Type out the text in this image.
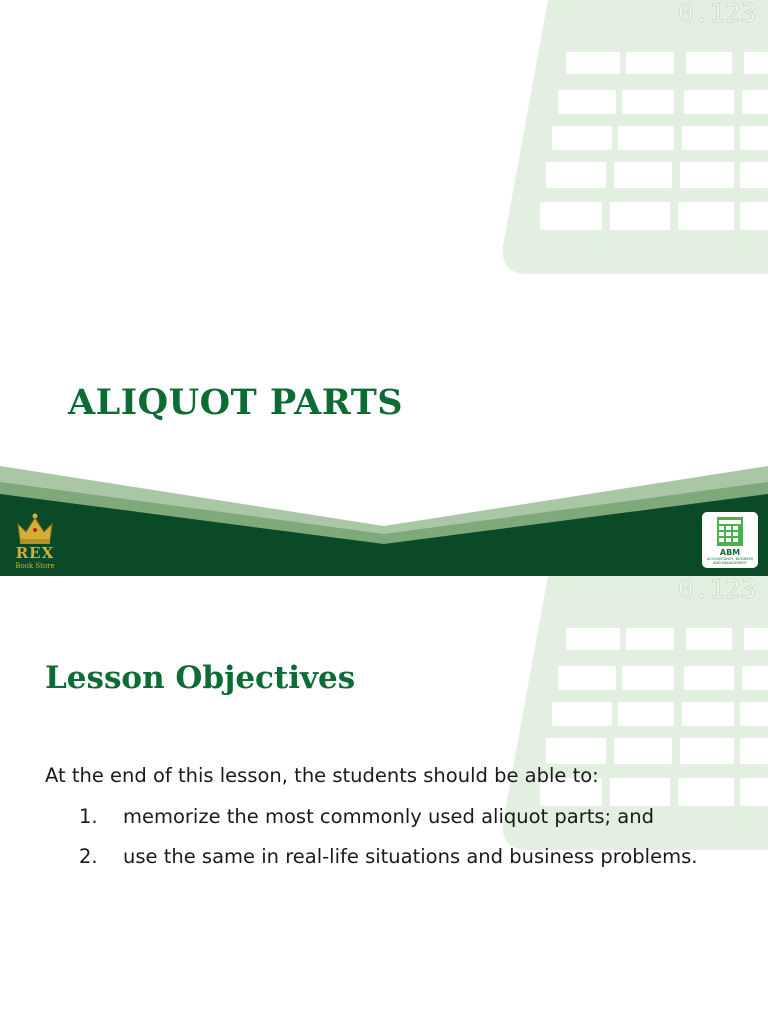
0.123
ALIQUOT PARTS
REX
Book Store
ABM
ACCOUNTANCY, BUSINESS AND MANAGEMENT
0.123
Lesson Objectives

At the end of this lesson, the students should be able to:

1. memorize the most commonly used aliquot parts; and
2. use the same in real-life situations and business problems.
